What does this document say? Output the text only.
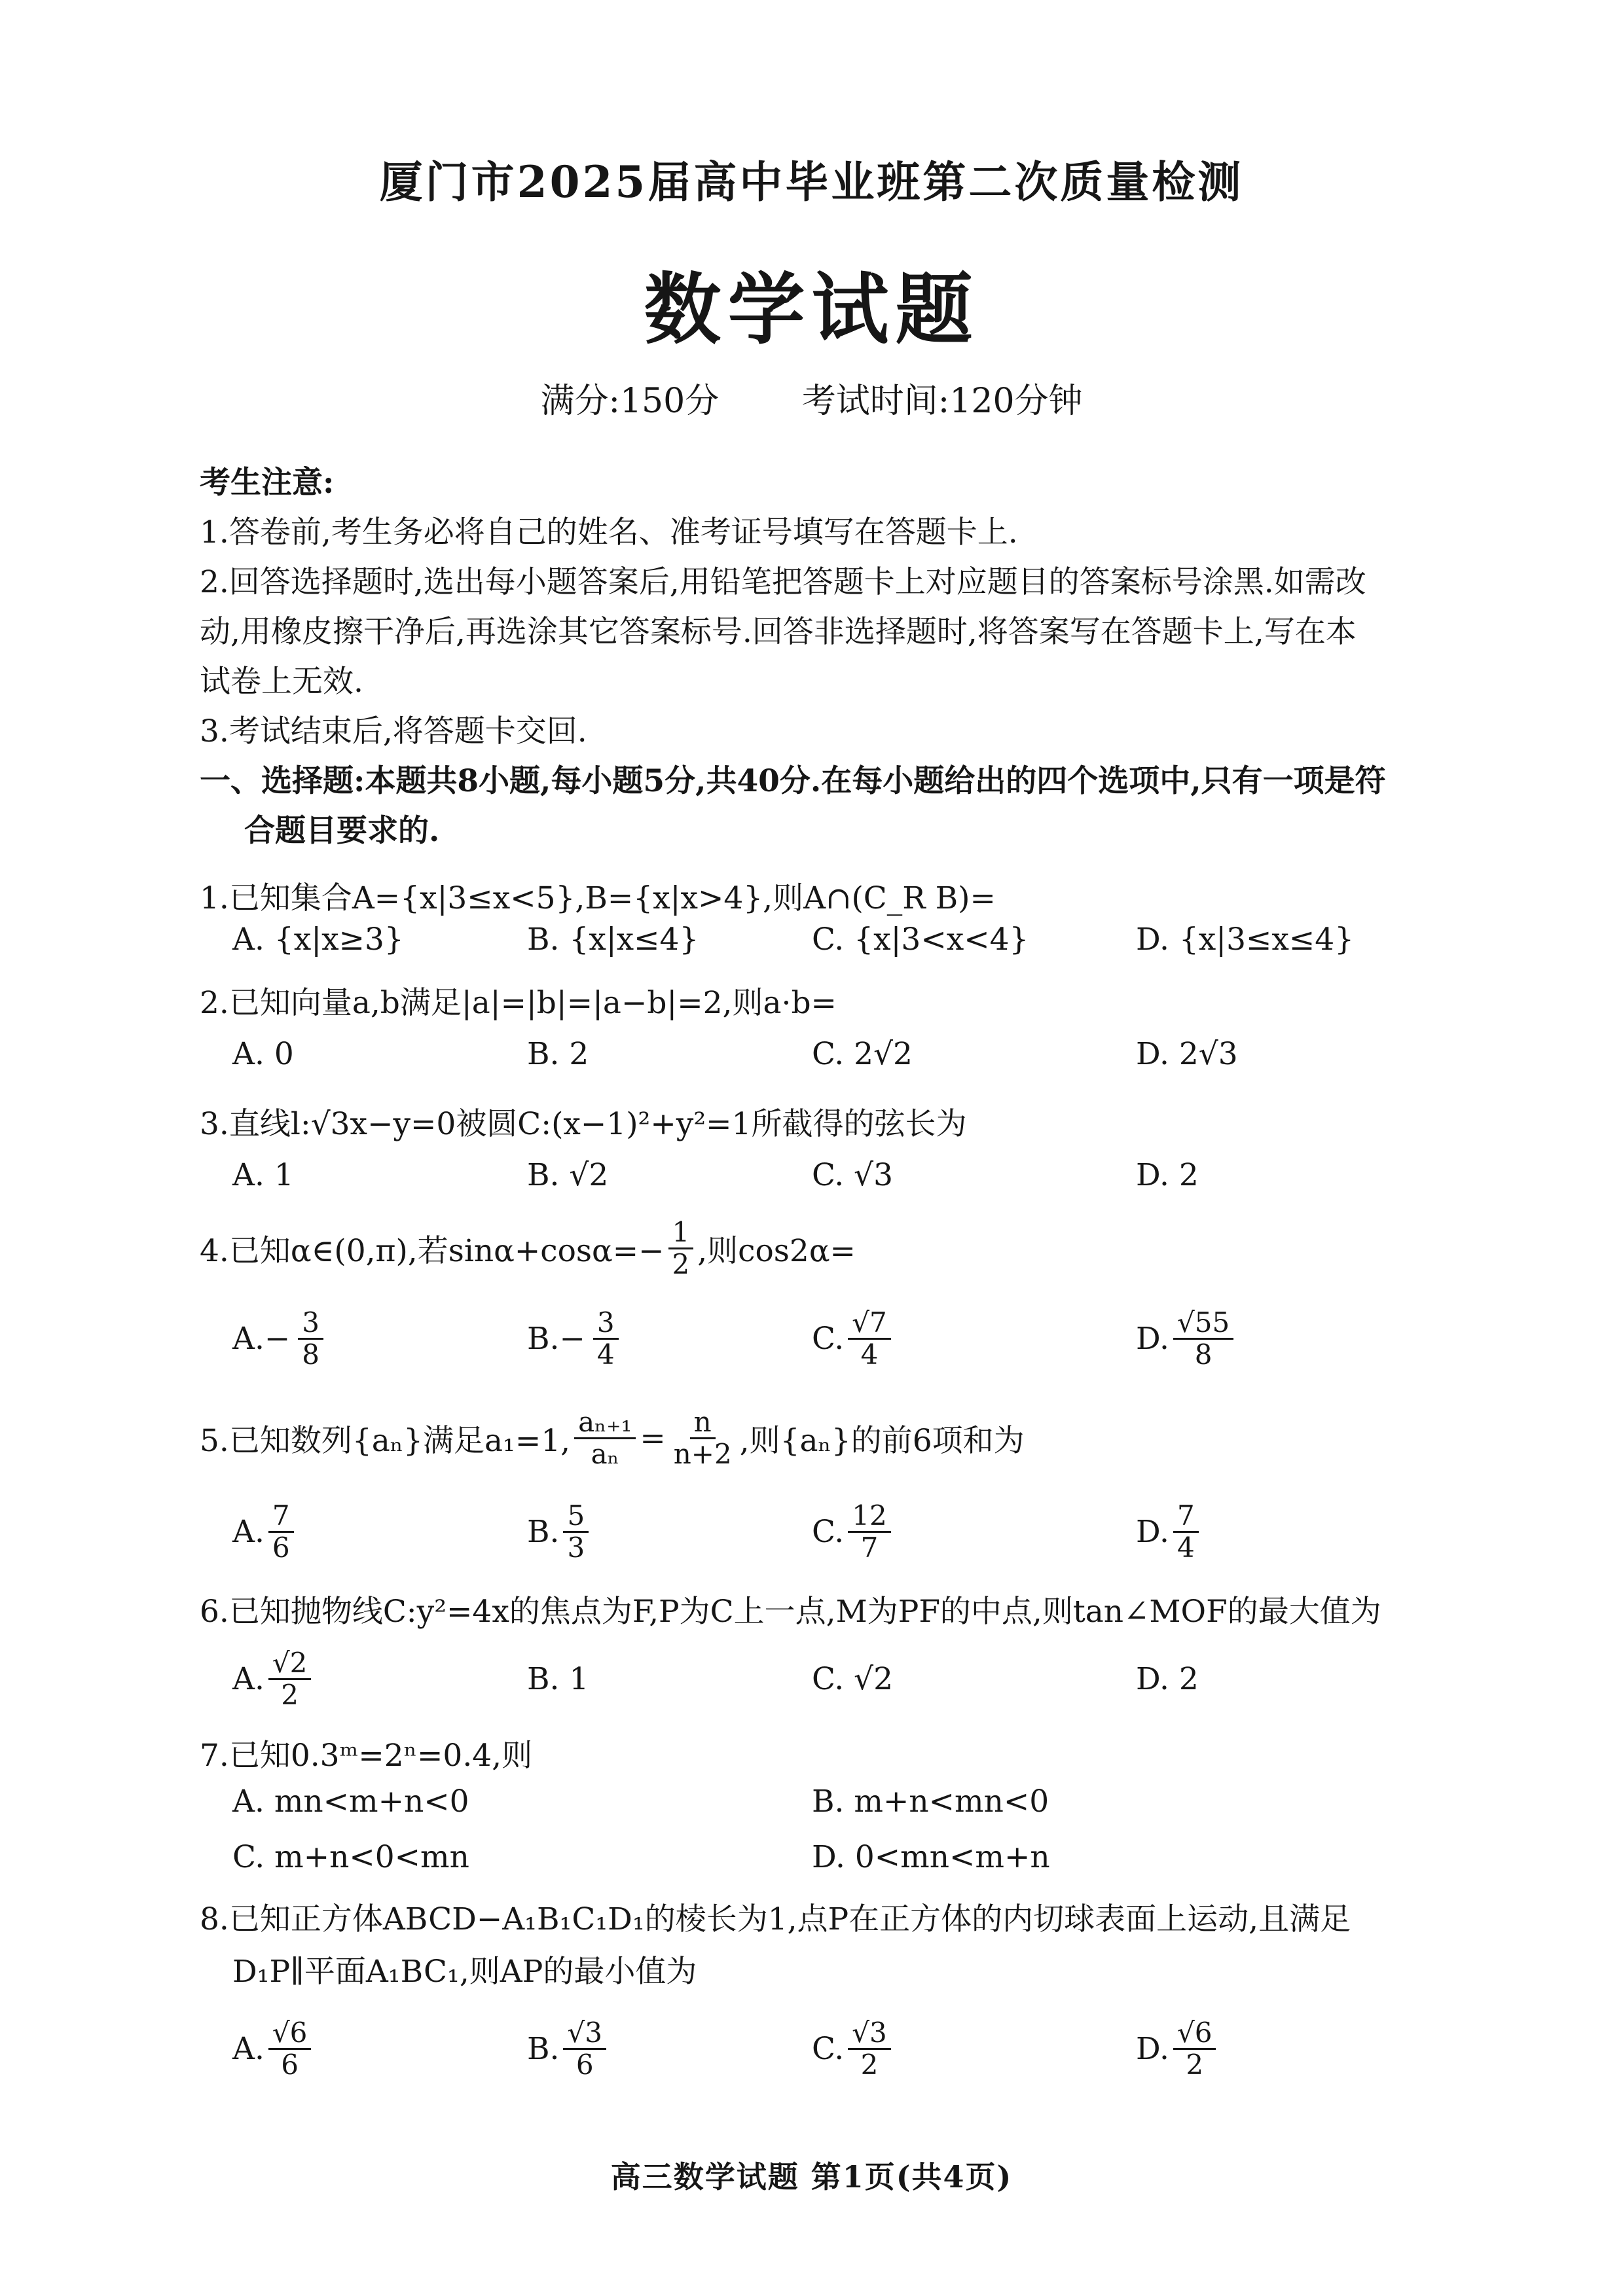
厦门市2025届高中毕业班第二次质量检测
数学试题
满分:150分 考试时间:120分钟
考生注意:
1.答卷前,考生务必将自己的姓名、准考证号填写在答题卡上.
2.回答选择题时,选出每小题答案后,用铅笔把答题卡上对应题目的答案标号涂黑.如需改
动,用橡皮擦干净后,再选涂其它答案标号.回答非选择题时,将答案写在答题卡上,写在本
试卷上无效.
3.考试结束后,将答题卡交回.
一、选择题:本题共8小题,每小题5分,共40分.在每小题给出的四个选项中,只有一项是符
合题目要求的.
1.已知集合A={x|3≤x<5},B={x|x>4},则A∩(C_R B)=
A. {x|x≥3}	B. {x|x≤4}	C. {x|3<x<4}	D. {x|3≤x≤4}
2.已知向量a,b满足|a|=|b|=|a−b|=2,则a·b=
A. 0	B. 2	C. 2√2	D. 2√3
3.直线l:√3x−y=0被圆C:(x−1)²+y²=1所截得的弦长为
A. 1	B. √2	C. √3	D. 2
4.已知α∈(0,π),若$\sin\alpha+\cos\alpha=- \frac{1}{2}$ ,则cos2α=
A. − $\frac{3}{8}$	B. − $\frac{3}{4}$	C. $\frac{√7}{4}$	D. $\frac{√55}{8}$
5.已知数列{aₙ}满足a₁=1, $\frac{\text{aₙ₊₁}}{\text{aₙ}} = \frac{n}{n+2}$ ,则{aₙ}的前6项和为
A. $\frac{7}{6}$	B. $\frac{5}{3}$	C. $\frac{12}{7}$	D. $\frac{7}{4}$
6.已知抛物线C:y²=4x的焦点为F,P为C上一点,M为PF的中点,则tan∠MOF的最大值为
A. $\frac{√2}{2}$	B. 1	C. √2	D. 2
7.已知0.3ᵐ=2ⁿ=0.4,则
A. mn<m+n<0	B. m+n<mn<0
C. m+n<0<mn	D. 0<mn<m+n
8.已知正方体ABCD−A₁B₁C₁D₁的棱长为1,点P在正方体的内切球表面上运动,且满足
D₁P∥平面A₁BC₁,则AP的最小值为
A. $\frac{√6}{6}$	B. $\frac{√3}{6}$	C. $\frac{√3}{2}$	D. $\frac{√6}{2}$
高三数学试题 第1页(共4页)
